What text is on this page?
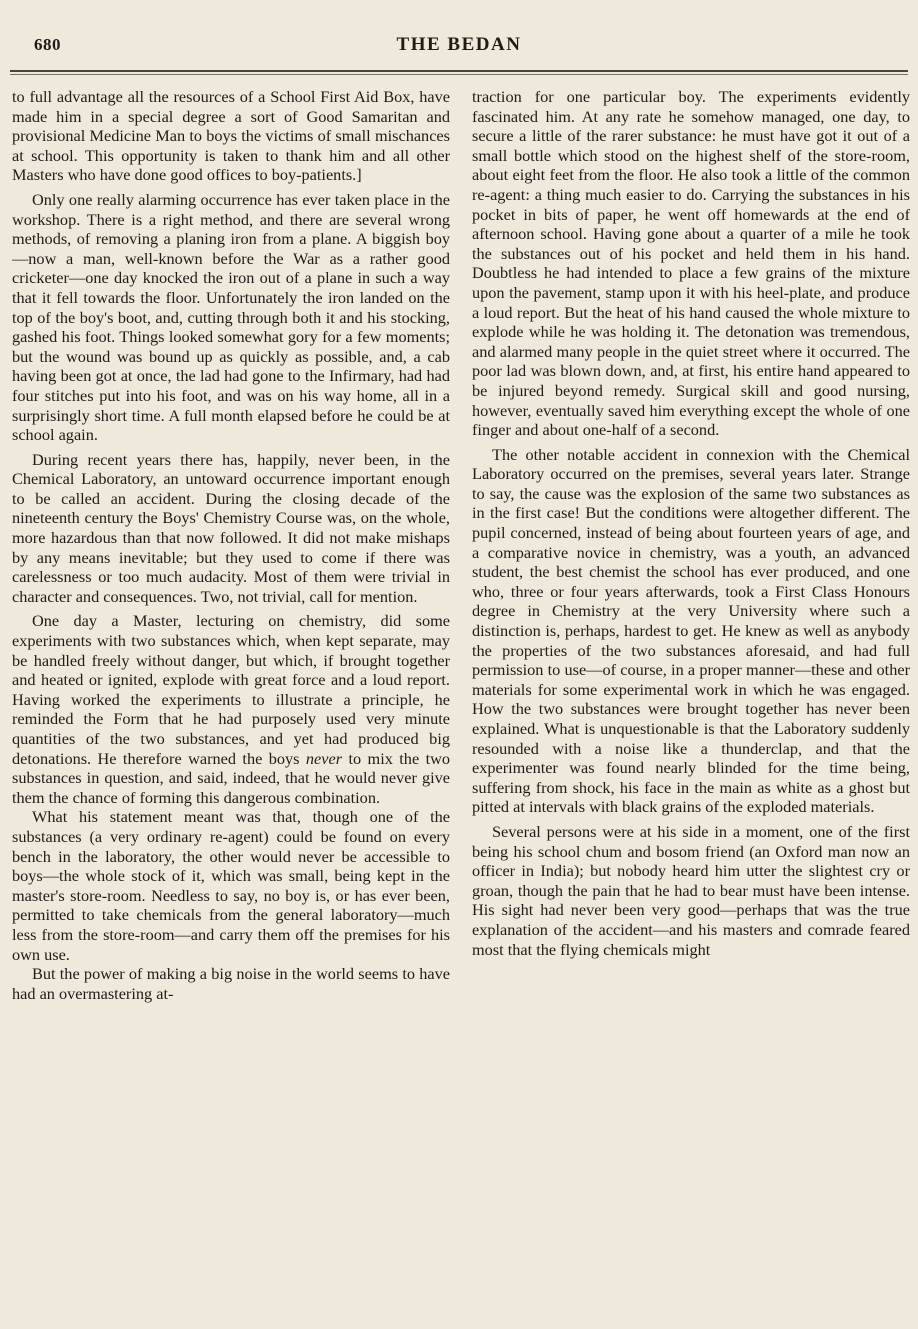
680	THE BEDAN

to full advantage all the resources of a School First Aid Box, have made him in a special degree a sort of Good Samaritan and provisional Medicine Man to boys the victims of small mischances at school. This opportunity is taken to thank him and all other Masters who have done good offices to boy-patients.]

Only one really alarming occurrence has ever taken place in the workshop. There is a right method, and there are several wrong methods, of removing a planing iron from a plane. A biggish boy—now a man, well-known before the War as a rather good cricketer—one day knocked the iron out of a plane in such a way that it fell towards the floor. Unfortunately the iron landed on the top of the boy's boot, and, cutting through both it and his stocking, gashed his foot. Things looked somewhat gory for a few moments; but the wound was bound up as quickly as possible, and, a cab having been got at once, the lad had gone to the Infirmary, had had four stitches put into his foot, and was on his way home, all in a surprisingly short time. A full month elapsed before he could be at school again.

During recent years there has, happily, never been, in the Chemical Laboratory, an untoward occurrence important enough to be called an accident. During the closing decade of the nineteenth century the Boys' Chemistry Course was, on the whole, more hazardous than that now followed. It did not make mishaps by any means inevitable; but they used to come if there was carelessness or too much audacity. Most of them were trivial in character and consequences. Two, not trivial, call for mention.

One day a Master, lecturing on chemistry, did some experiments with two substances which, when kept separate, may be handled freely without danger, but which, if brought together and heated or ignited, explode with great force and a loud report. Having worked the experiments to illustrate a principle, he reminded the Form that he had purposely used very minute quantities of the two substances, and yet had produced big detonations. He therefore warned the boys never to mix the two substances in question, and said, indeed, that he would never give them the chance of forming this dangerous combination.

What his statement meant was that, though one of the substances (a very ordinary re-agent) could be found on every bench in the laboratory, the other would never be accessible to boys—the whole stock of it, which was small, being kept in the master's store-room. Needless to say, no boy is, or has ever been, permitted to take chemicals from the general laboratory—much less from the store-room—and carry them off the premises for his own use.

But the power of making a big noise in the world seems to have had an overmastering at-

traction for one particular boy. The experiments evidently fascinated him. At any rate he somehow managed, one day, to secure a little of the rarer substance: he must have got it out of a small bottle which stood on the highest shelf of the store-room, about eight feet from the floor. He also took a little of the common re-agent: a thing much easier to do. Carrying the substances in his pocket in bits of paper, he went off homewards at the end of afternoon school. Having gone about a quarter of a mile he took the substances out of his pocket and held them in his hand. Doubtless he had intended to place a few grains of the mixture upon the pavement, stamp upon it with his heel-plate, and produce a loud report. But the heat of his hand caused the whole mixture to explode while he was holding it. The detonation was tremendous, and alarmed many people in the quiet street where it occurred. The poor lad was blown down, and, at first, his entire hand appeared to be injured beyond remedy. Surgical skill and good nursing, however, eventually saved him everything except the whole of one finger and about one-half of a second.

The other notable accident in connexion with the Chemical Laboratory occurred on the premises, several years later. Strange to say, the cause was the explosion of the same two substances as in the first case! But the conditions were altogether different. The pupil concerned, instead of being about fourteen years of age, and a comparative novice in chemistry, was a youth, an advanced student, the best chemist the school has ever produced, and one who, three or four years afterwards, took a First Class Honours degree in Chemistry at the very University where such a distinction is, perhaps, hardest to get. He knew as well as anybody the properties of the two substances aforesaid, and had full permission to use—of course, in a proper manner—these and other materials for some experimental work in which he was engaged. How the two substances were brought together has never been explained. What is unquestionable is that the Laboratory suddenly resounded with a noise like a thunderclap, and that the experimenter was found nearly blinded for the time being, suffering from shock, his face in the main as white as a ghost but pitted at intervals with black grains of the exploded materials.

Several persons were at his side in a moment, one of the first being his school chum and bosom friend (an Oxford man now an officer in India); but nobody heard him utter the slightest cry or groan, though the pain that he had to bear must have been intense. His sight had never been very good—perhaps that was the true explanation of the accident—and his masters and comrade feared most that the flying chemicals might
